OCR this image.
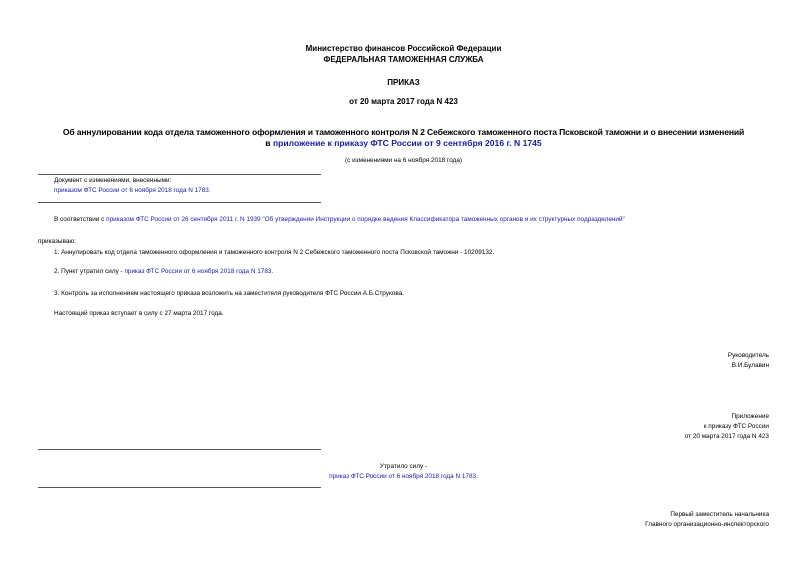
Министерство финансов Российской Федерации
ФЕДЕРАЛЬНАЯ ТАМОЖЕННАЯ СЛУЖБА
ПРИКАЗ
от 20 марта 2017 года N 423
Об аннулировании кода отдела таможенного оформления и таможенного контроля N 2 Себежского таможенного поста Псковской таможни и о внесении изменений
в приложение к приказу ФТС России от 9 сентября 2016 г. N 1745
(с изменениями на 6 ноября 2018 года)
Документ с изменениями, внесенными:
приказом ФТС России от 6 ноября 2018 года N 1783.
В соответствии с приказом ФТС России от 26 сентября 2011 г. N 1939 "Об утверждении Инструкции о порядке ведения Классификатора таможенных органов и их структурных подразделений"
приказываю:
1. Аннулировать код отдела таможенного оформления и таможенного контроля N 2 Себежского таможенного поста Псковской таможни - 10209132.
2. Пункт утратил силу - приказ ФТС России от 6 ноября 2018 года N 1783.
3. Контроль за исполнением настоящего приказа возложить на заместителя руководителя ФТС России А.Б.Струкова.
Настоящий приказ вступает в силу с 27 марта 2017 года.
Руководитель
В.И.Булавин
Приложение
к приказу ФТС России
от 20 марта 2017 года N 423
Утратило силу -
приказ ФТС России от 6 ноября 2018 года N 1783.
Первый заместитель начальника
Главного организационно-инспекторского
